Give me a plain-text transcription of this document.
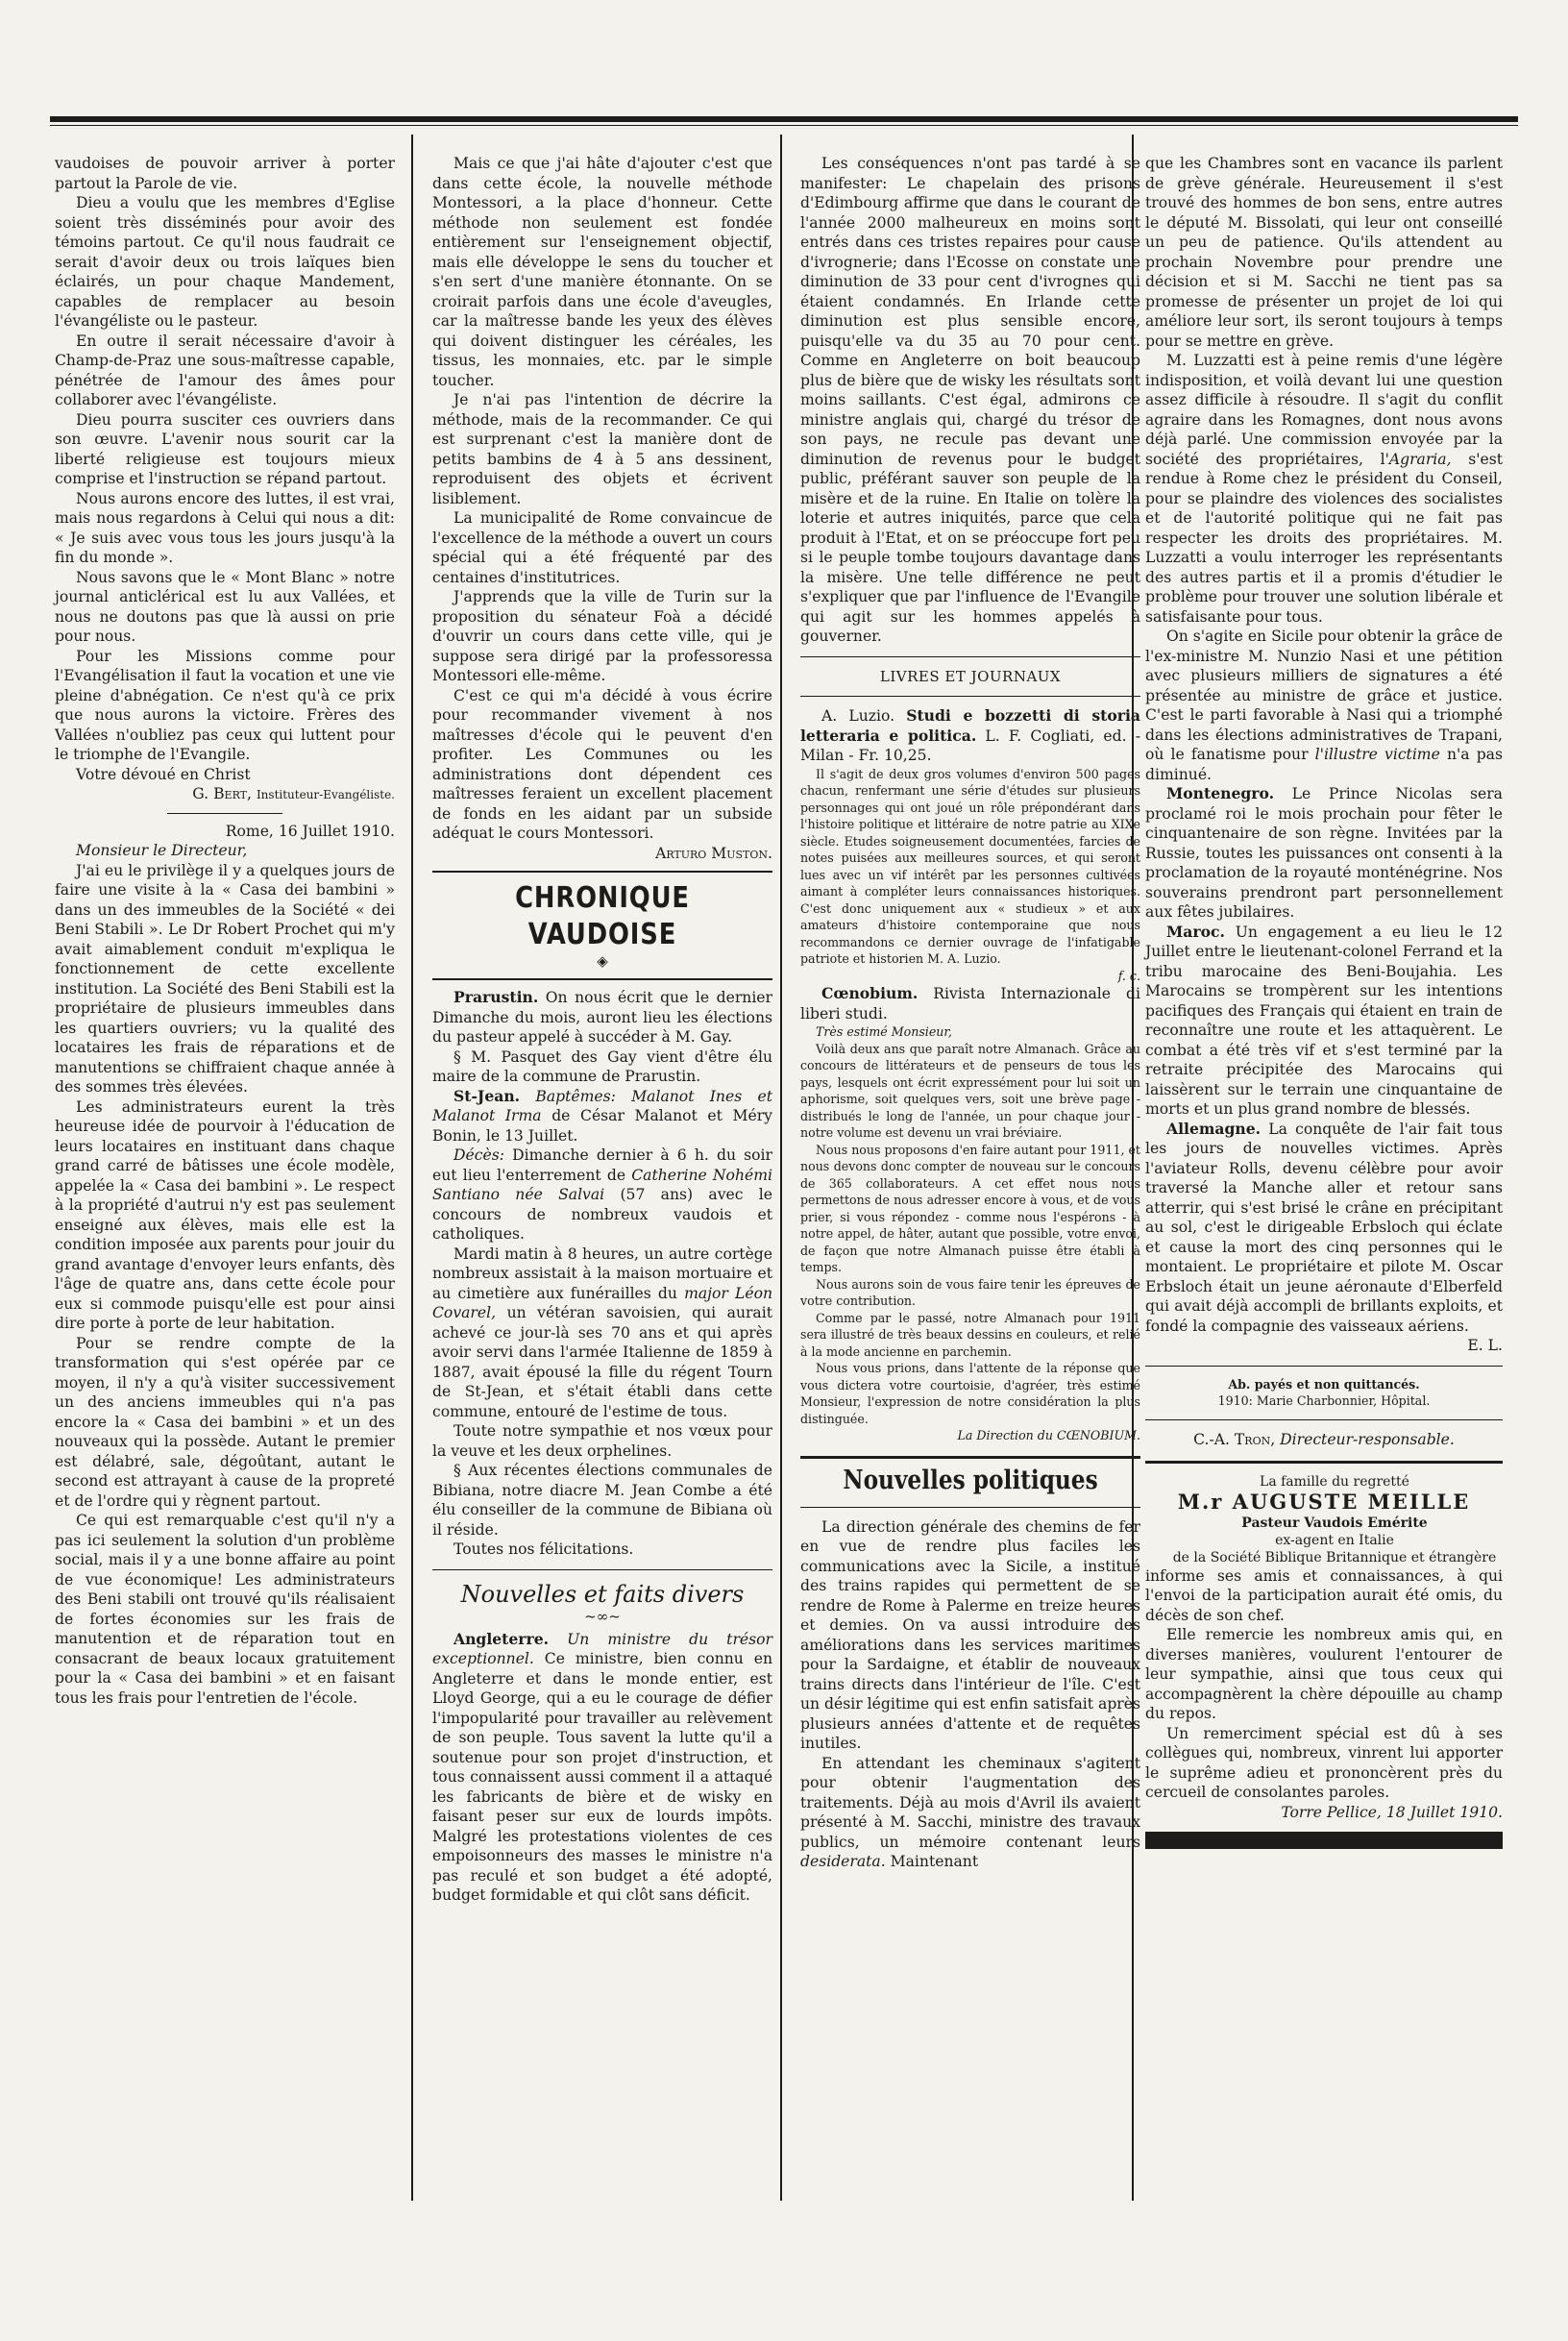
vaudoises de pouvoir arriver à porter partout la Parole de vie.

Dieu a voulu que les membres d'Eglise soient très disséminés pour avoir des témoins partout. Ce qu'il nous faudrait ce serait d'avoir deux ou trois laïques bien éclairés, un pour chaque Mandement, capables de remplacer au besoin l'évangéliste ou le pasteur.

En outre il serait nécessaire d'avoir à Champ-de-Praz une sous-maîtresse capable, pénétrée de l'amour des âmes pour collaborer avec l'évangéliste.

Dieu pourra susciter ces ouvriers dans son œuvre. L'avenir nous sourit car la liberté religieuse est toujours mieux comprise et l'instruction se répand partout.

Nous aurons encore des luttes, il est vrai, mais nous regardons à Celui qui nous a dit: « Je suis avec vous tous les jours jusqu'à la fin du monde ».

Nous savons que le « Mont Blanc » notre journal anticlérical est lu aux Vallées, et nous ne doutons pas que là aussi on prie pour nous.

Pour les Missions comme pour l'Evangélisation il faut la vocation et une vie pleine d'abnégation. Ce n'est qu'à ce prix que nous aurons la victoire. Frères des Vallées n'oubliez pas ceux qui luttent pour le triomphe de l'Evangile.

Votre dévoué en Christ

G. Bert, Instituteur-Evangéliste.

Rome, 16 Juillet 1910.

Monsieur le Directeur,

J'ai eu le privilège il y a quelques jours de faire une visite à la « Casa dei bambini » dans un des immeubles de la Société « dei Beni Stabili ». Le Dr Robert Prochet qui m'y avait aimablement conduit m'expliqua le fonctionnement de cette excellente institution. La Société des Beni Stabili est la propriétaire de plusieurs immeubles dans les quartiers ouvriers; vu la qualité des locataires les frais de réparations et de manutentions se chiffraient chaque année à des sommes très élevées.

Les administrateurs eurent la très heureuse idée de pourvoir à l'éducation de leurs locataires en instituant dans chaque grand carré de bâtisses une école modèle, appelée la « Casa dei bambini ». Le respect à la propriété d'autrui n'y est pas seulement enseigné aux élèves, mais elle est la condition imposée aux parents pour jouir du grand avantage d'envoyer leurs enfants, dès l'âge de quatre ans, dans cette école pour eux si commode puisqu'elle est pour ainsi dire porte à porte de leur habitation.

Pour se rendre compte de la transformation qui s'est opérée par ce moyen, il n'y a qu'à visiter successivement un des anciens immeubles qui n'a pas encore la « Casa dei bambini » et un des nouveaux qui la possède. Autant le premier est délabré, sale, dégoûtant, autant le second est attrayant à cause de la propreté et de l'ordre qui y règnent partout.

Ce qui est remarquable c'est qu'il n'y a pas ici seulement la solution d'un problème social, mais il y a une bonne affaire au point de vue économique! Les administrateurs des Beni stabili ont trouvé qu'ils réalisaient de fortes économies sur les frais de manutention et de réparation tout en consacrant de beaux locaux gratuitement pour la « Casa dei bambini » et en faisant tous les frais pour l'entretien de l'école.

Mais ce que j'ai hâte d'ajouter c'est que dans cette école, la nouvelle méthode Montessori, a la place d'honneur. Cette méthode non seulement est fondée entièrement sur l'enseignement objectif, mais elle développe le sens du toucher et s'en sert d'une manière étonnante. On se croirait parfois dans une école d'aveugles, car la maîtresse bande les yeux des élèves qui doivent distinguer les céréales, les tissus, les monnaies, etc. par le simple toucher.

Je n'ai pas l'intention de décrire la méthode, mais de la recommander. Ce qui est surprenant c'est la manière dont de petits bambins de 4 à 5 ans dessinent, reproduisent des objets et écrivent lisiblement.

La municipalité de Rome convaincue de l'excellence de la méthode a ouvert un cours spécial qui a été fréquenté par des centaines d'institutrices.

J'apprends que la ville de Turin sur la proposition du sénateur Foà a décidé d'ouvrir un cours dans cette ville, qui je suppose sera dirigé par la professoressa Montessori elle-même.

C'est ce qui m'a décidé à vous écrire pour recommander vivement à nos maîtresses d'école qui le peuvent d'en profiter. Les Communes ou les administrations dont dépendent ces maîtresses feraient un excellent placement de fonds en les aidant par un subside adéquat le cours Montessori.

Arturo Muston.

CHRONIQUE VAUDOISE
◈

Prarustin. On nous écrit que le dernier Dimanche du mois, auront lieu les élections du pasteur appelé à succéder à M. Gay.

§ M. Pasquet des Gay vient d'être élu maire de la commune de Prarustin.

St-Jean. Baptêmes: Malanot Ines et Malanot Irma de César Malanot et Méry Bonin, le 13 Juillet.

Décès: Dimanche dernier à 6 h. du soir eut lieu l'enterrement de Catherine Nohémi Santiano née Salvai (57 ans) avec le concours de nombreux vaudois et catholiques.

Mardi matin à 8 heures, un autre cortège nombreux assistait à la maison mortuaire et au cimetière aux funérailles du major Léon Covarel, un vétéran savoisien, qui aurait achevé ce jour-là ses 70 ans et qui après avoir servi dans l'armée Italienne de 1859 à 1887, avait épousé la fille du régent Tourn de St-Jean, et s'était établi dans cette commune, entouré de l'estime de tous.

Toute notre sympathie et nos vœux pour la veuve et les deux orphelines.

§ Aux récentes élections communales de Bibiana, notre diacre M. Jean Combe a été élu conseiller de la commune de Bibiana où il réside.

Toutes nos félicitations.

Nouvelles et faits divers
~∞~

Angleterre. Un ministre du trésor exceptionnel. Ce ministre, bien connu en Angleterre et dans le monde entier, est Lloyd George, qui a eu le courage de défier l'impopularité pour travailler au relèvement de son peuple. Tous savent la lutte qu'il a soutenue pour son projet d'instruction, et tous connaissent aussi comment il a attaqué les fabricants de bière et de wisky en faisant peser sur eux de lourds impôts. Malgré les protestations violentes de ces empoisonneurs des masses le ministre n'a pas reculé et son budget a été adopté, budget formidable et qui clôt sans déficit.

Les conséquences n'ont pas tardé à se manifester: Le chapelain des prisons d'Edimbourg affirme que dans le courant de l'année 2000 malheureux en moins sont entrés dans ces tristes repaires pour cause d'ivrognerie; dans l'Ecosse on constate une diminution de 33 pour cent d'ivrognes qui étaient condamnés. En Irlande cette diminution est plus sensible encore, puisqu'elle va du 35 au 70 pour cent. Comme en Angleterre on boit beaucoup plus de bière que de wisky les résultats sont moins saillants. C'est égal, admirons ce ministre anglais qui, chargé du trésor de son pays, ne recule pas devant une diminution de revenus pour le budget public, préférant sauver son peuple de la misère et de la ruine. En Italie on tolère la loterie et autres iniquités, parce que cela produit à l'Etat, et on se préoccupe fort peu si le peuple tombe toujours davantage dans la misère. Une telle différence ne peut s'expliquer que par l'influence de l'Evangile qui agit sur les hommes appelés à gouverner.

LIVRES ET JOURNAUX

A. Luzio. Studi e bozzetti di storia letteraria e politica. L. F. Cogliati, ed. - Milan - Fr. 10,25.

Il s'agit de deux gros volumes d'environ 500 pages chacun, renfermant une série d'études sur plusieurs personnages qui ont joué un rôle prépondérant dans l'histoire politique et littéraire de notre patrie au XIXe siècle. Etudes soigneusement documentées, farcies de notes puisées aux meilleures sources, et qui seront lues avec un vif intérêt par les personnes cultivées aimant à compléter leurs connaissances historiques. C'est donc uniquement aux « studieux » et aux amateurs d'histoire contemporaine que nous recommandons ce dernier ouvrage de l'infatigable patriote et historien M. A. Luzio.

f. c.

Cœnobium. Rivista Internazionale di liberi studi.

Très estimé Monsieur,

Voilà deux ans que paraît notre Almanach. Grâce au concours de littérateurs et de penseurs de tous les pays, lesquels ont écrit expressément pour lui soit un aphorisme, soit quelques vers, soit une brève page - distribués le long de l'année, un pour chaque jour - notre volume est devenu un vrai bréviaire.

Nous nous proposons d'en faire autant pour 1911, et nous devons donc compter de nouveau sur le concours de 365 collaborateurs. A cet effet nous nous permettons de nous adresser encore à vous, et de vous prier, si vous répondez - comme nous l'espérons - à notre appel, de hâter, autant que possible, votre envoi, de façon que notre Almanach puisse être établi à temps.

Nous aurons soin de vous faire tenir les épreuves de votre contribution.

Comme par le passé, notre Almanach pour 1911 sera illustré de très beaux dessins en couleurs, et relié à la mode ancienne en parchemin.

Nous vous prions, dans l'attente de la réponse que vous dictera votre courtoisie, d'agréer, très estimé Monsieur, l'expression de notre considération la plus distinguée.

La Direction du CŒNOBIUM.

Nouvelles politiques

La direction générale des chemins de fer en vue de rendre plus faciles les communications avec la Sicile, a institué des trains rapides qui permettent de se rendre de Rome à Palerme en treize heures et demies. On va aussi introduire des améliorations dans les services maritimes pour la Sardaigne, et établir de nouveaux trains directs dans l'intérieur de l'île. C'est un désir légitime qui est enfin satisfait après plusieurs années d'attente et de requêtes inutiles.

En attendant les cheminaux s'agitent pour obtenir l'augmentation des traitements. Déjà au mois d'Avril ils avaient présenté à M. Sacchi, ministre des travaux publics, un mémoire contenant leurs desiderata. Maintenant

que les Chambres sont en vacance ils parlent de grève générale. Heureusement il s'est trouvé des hommes de bon sens, entre autres le député M. Bissolati, qui leur ont conseillé un peu de patience. Qu'ils attendent au prochain Novembre pour prendre une décision et si M. Sacchi ne tient pas sa promesse de présenter un projet de loi qui améliore leur sort, ils seront toujours à temps pour se mettre en grève.

M. Luzzatti est à peine remis d'une légère indisposition, et voilà devant lui une question assez difficile à résoudre. Il s'agit du conflit agraire dans les Romagnes, dont nous avons déjà parlé. Une commission envoyée par la société des propriétaires, l'Agraria, s'est rendue à Rome chez le président du Conseil, pour se plaindre des violences des socialistes et de l'autorité politique qui ne fait pas respecter les droits des propriétaires. M. Luzzatti a voulu interroger les représentants des autres partis et il a promis d'étudier le problème pour trouver une solution libérale et satisfaisante pour tous.

On s'agite en Sicile pour obtenir la grâce de l'ex-ministre M. Nunzio Nasi et une pétition avec plusieurs milliers de signatures a été présentée au ministre de grâce et justice. C'est le parti favorable à Nasi qui a triomphé dans les élections administratives de Trapani, où le fanatisme pour l'illustre victime n'a pas diminué.

Montenegro. Le Prince Nicolas sera proclamé roi le mois prochain pour fêter le cinquantenaire de son règne. Invitées par la Russie, toutes les puissances ont consenti à la proclamation de la royauté monténégrine. Nos souverains prendront part personnellement aux fêtes jubilaires.

Maroc. Un engagement a eu lieu le 12 Juillet entre le lieutenant-colonel Ferrand et la tribu marocaine des Beni-Boujahia. Les Marocains se trompèrent sur les intentions pacifiques des Français qui étaient en train de reconnaître une route et les attaquèrent. Le combat a été très vif et s'est terminé par la retraite précipitée des Marocains qui laissèrent sur le terrain une cinquantaine de morts et un plus grand nombre de blessés.

Allemagne. La conquête de l'air fait tous les jours de nouvelles victimes. Après l'aviateur Rolls, devenu célèbre pour avoir traversé la Manche aller et retour sans atterrir, qui s'est brisé le crâne en précipitant au sol, c'est le dirigeable Erbsloch qui éclate et cause la mort des cinq personnes qui le montaient. Le propriétaire et pilote M. Oscar Erbsloch était un jeune aéronaute d'Elberfeld qui avait déjà accompli de brillants exploits, et fondé la compagnie des vaisseaux aériens.

E. L.

Ab. payés et non quittancés.

1910: Marie Charbonnier, Hôpital.

C.-A. Tron, Directeur-responsable.

La famille du regretté

M.r AUGUSTE MEILLE

Pasteur Vaudois Emérite

ex-agent en Italie

de la Société Biblique Britannique et étrangère

informe ses amis et connaissances, à qui l'envoi de la participation aurait été omis, du décès de son chef.

Elle remercie les nombreux amis qui, en diverses manières, voulurent l'entourer de leur sympathie, ainsi que tous ceux qui accompagnèrent la chère dépouille au champ du repos.

Un remerciment spécial est dû à ses collègues qui, nombreux, vinrent lui apporter le suprême adieu et prononcèrent près du cercueil de consolantes paroles.

Torre Pellice, 18 Juillet 1910.
